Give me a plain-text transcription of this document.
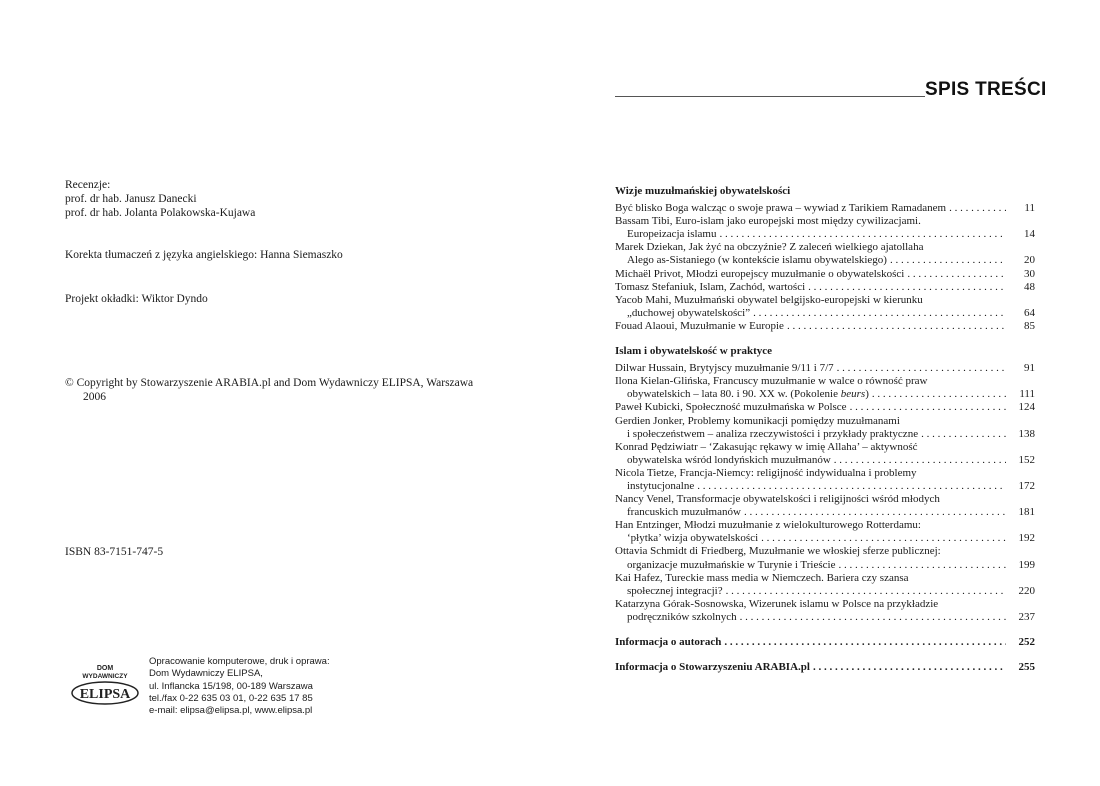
Recenzje:
prof. dr hab. Janusz Danecki
prof. dr hab. Jolanta Polakowska-Kujawa
Korekta tłumaczeń z języka angielskiego: Hanna Siemaszko
Projekt okładki: Wiktor Dyndo
© Copyright by Stowarzyszenie ARABIA.pl and Dom Wydawniczy ELIPSA, Warszawa 2006
ISBN 83-7151-747-5
DOM
WYDAWNICZY
ELIPSA
Opracowanie komputerowe, druk i oprawa:
Dom Wydawniczy ELIPSA,
ul. Inflancka 15/198, 00-189 Warszawa
tel./fax 0-22 635 03 01, 0-22 635 17 85
e-mail: elipsa@elipsa.pl, www.elipsa.pl
SPIS TREŚCI
Wizje muzułmańskiej obywatelskości
Być blisko Boga walcząc o swoje prawa – wywiad z Tarikiem Ramadanem . . .	11
Bassam Tibi, Euro-islam jako europejski most między cywilizacjami.
Europeizacja islamu . . .	14
Marek Dziekan, Jak żyć na obczyźnie? Z zaleceń wielkiego ajatollaha
Alego as-Sistaniego (w kontekście islamu obywatelskiego) . . .	20
Michaël Privot, Młodzi europejscy muzułmanie o obywatelskości . . .	30
Tomasz Stefaniuk, Islam, Zachód, wartości . . .	48
Yacob Mahi, Muzułmański obywatel belgijsko-europejski w kierunku
„duchowej obywatelskości” . . .	64
Fouad Alaoui, Muzułmanie w Europie . . .	85
Islam i obywatelskość w praktyce
Dilwar Hussain, Brytyjscy muzułmanie 9/11 i 7/7 . . .	91
Ilona Kielan-Glińska, Francuscy muzułmanie w walce o równość praw
obywatelskich – lata 80. i 90. XX w. (Pokolenie beurs) . . .	111
Paweł Kubicki, Społeczność muzułmańska w Polsce . . .	124
Gerdien Jonker, Problemy komunikacji pomiędzy muzułmanami
i społeczeństwem – analiza rzeczywistości i przykłady praktyczne . . .	138
Konrad Pędziwiatr – ‘Zakasując rękawy w imię Allaha’ – aktywność
obywatelska wśród londyńskich muzułmanów . . .	152
Nicola Tietze, Francja-Niemcy: religijność indywidualna i problemy
instytucjonalne . . .	172
Nancy Venel, Transformacje obywatelskości i religijności wśród młodych
francuskich muzułmanów . . .	181
Han Entzinger, Młodzi muzułmanie z wielokulturowego Rotterdamu:
‘płytka’ wizja obywatelskości . . .	192
Ottavia Schmidt di Friedberg, Muzułmanie we włoskiej sferze publicznej:
organizacje muzułmańskie w Turynie i Trieście . . .	199
Kai Hafez, Tureckie mass media w Niemczech. Bariera czy szansa
społecznej integracji? . . .	220
Katarzyna Górak-Sosnowska, Wizerunek islamu w Polsce na przykładzie
podręczników szkolnych . . .	237
Informacja o autorach . . .	252
Informacja o Stowarzyszeniu ARABIA.pl . . .	255
